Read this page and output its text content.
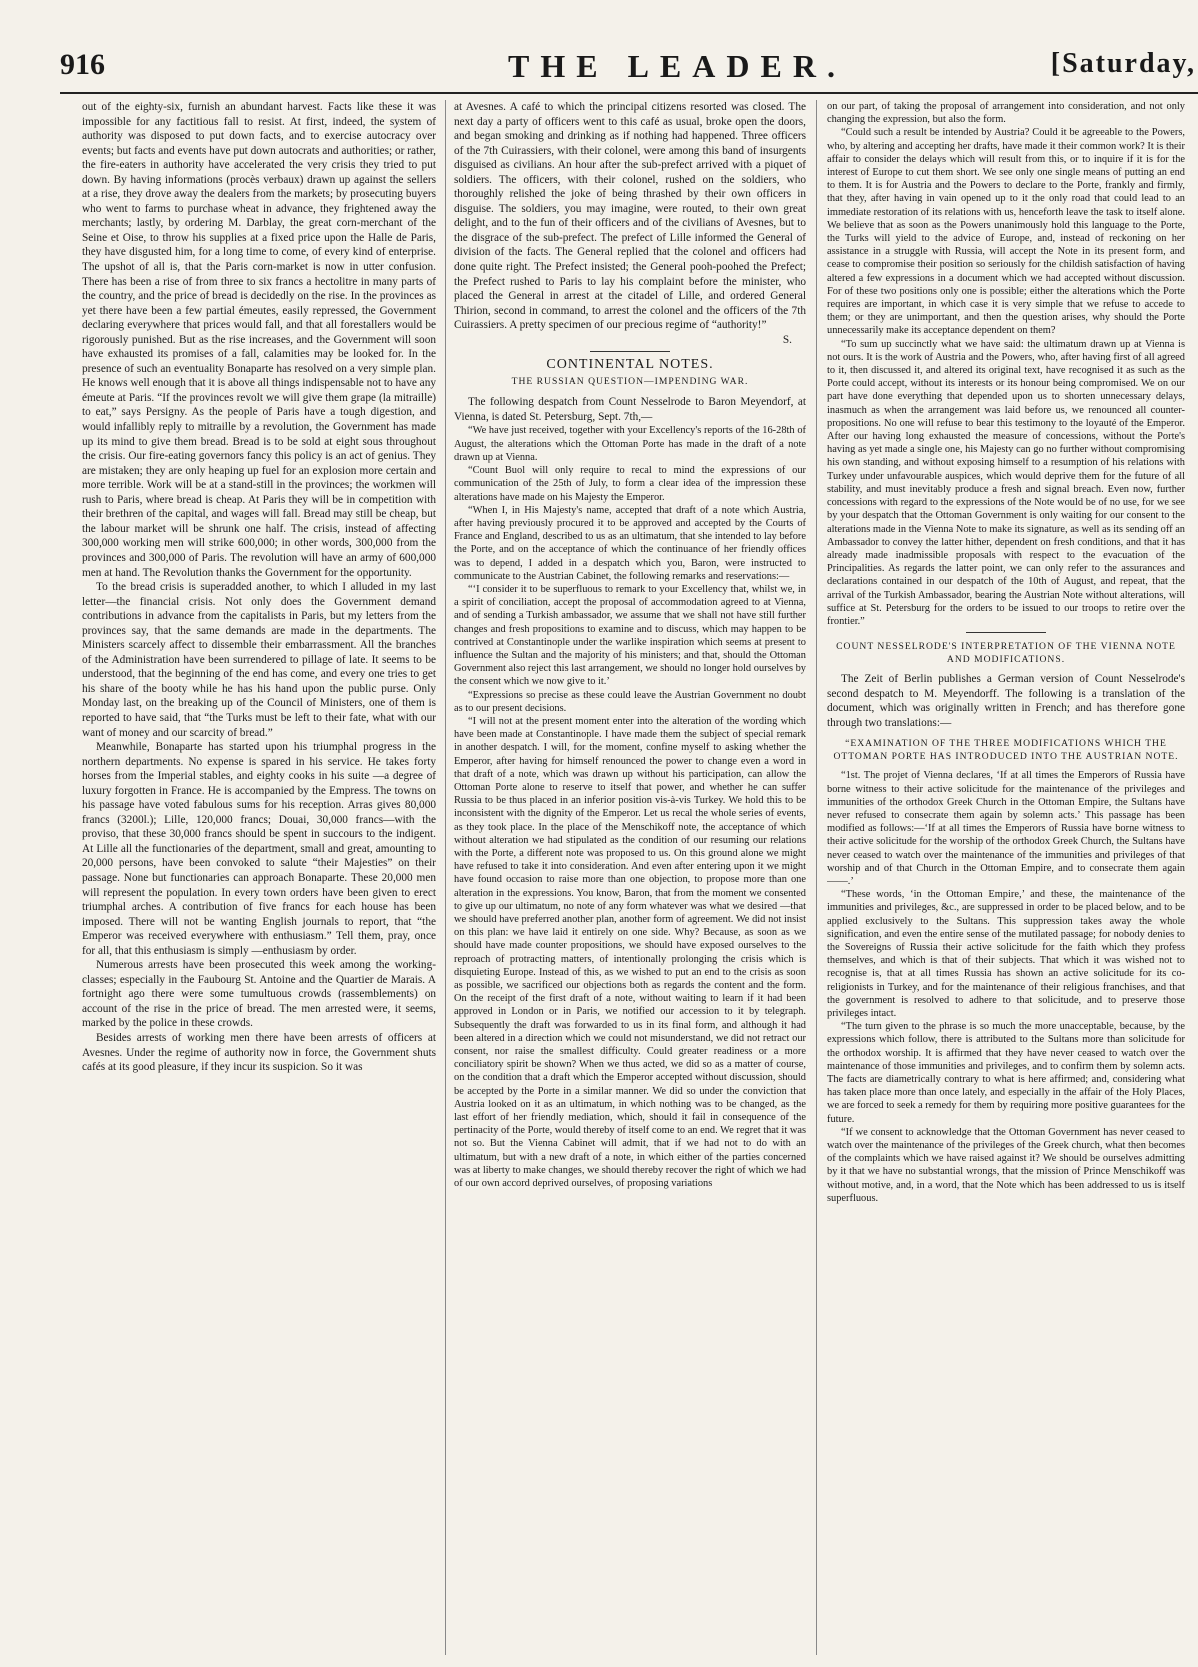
916	THE LEADER.	[Saturday,

out of the eighty-six, furnish an abundant harvest. Facts like these it was impossible for any factitious fall to resist. At first, indeed, the system of authority was disposed to put down facts, and to exercise autocracy over events; but facts and events have put down autocrats and authorities; or rather, the fire-eaters in authority have accelerated the very crisis they tried to put down. By having informations (procès verbaux) drawn up against the sellers at a rise, they drove away the dealers from the markets; by prosecuting buyers who went to farms to purchase wheat in advance, they frightened away the merchants; lastly, by ordering M. Darblay, the great corn-merchant of the Seine et Oise, to throw his supplies at a fixed price upon the Halle de Paris, they have disgusted him, for a long time to come, of every kind of enterprise. The upshot of all is, that the Paris corn-market is now in utter confusion. There has been a rise of from three to six francs a hectolitre in many parts of the country, and the price of bread is decidedly on the rise. In the provinces as yet there have been a few partial émeutes, easily repressed, the Government declaring everywhere that prices would fall, and that all forestallers would be rigorously punished. But as the rise increases, and the Government will soon have exhausted its promises of a fall, calamities may be looked for. In the presence of such an eventuality Bonaparte has resolved on a very simple plan. He knows well enough that it is above all things indispensable not to have any émeute at Paris. “If the provinces revolt we will give them grape (la mitraille) to eat,” says Persigny. As the people of Paris have a tough digestion, and would infallibly reply to mitraille by a revolution, the Government has made up its mind to give them bread. Bread is to be sold at eight sous throughout the crisis. Our fire-eating governors fancy this policy is an act of genius. They are mistaken; they are only heaping up fuel for an explosion more certain and more terrible. Work will be at a stand-still in the provinces; the workmen will rush to Paris, where bread is cheap. At Paris they will be in competition with their brethren of the capital, and wages will fall. Bread may still be cheap, but the labour market will be shrunk one half. The crisis, instead of affecting 300,000 working men will strike 600,000; in other words, 300,000 from the provinces and 300,000 of Paris. The revolution will have an army of 600,000 men at hand. The Revolution thanks the Government for the opportunity.

To the bread crisis is superadded another, to which I alluded in my last letter—the financial crisis. Not only does the Government demand contributions in advance from the capitalists in Paris, but my letters from the provinces say, that the same demands are made in the departments. The Ministers scarcely affect to dissemble their embarrassment. All the branches of the Administration have been surrendered to pillage of late. It seems to be understood, that the beginning of the end has come, and every one tries to get his share of the booty while he has his hand upon the public purse. Only Monday last, on the breaking up of the Council of Ministers, one of them is reported to have said, that “the Turks must be left to their fate, what with our want of money and our scarcity of bread.”

Meanwhile, Bonaparte has started upon his triumphal progress in the northern departments. No expense is spared in his service. He takes forty horses from the Imperial stables, and eighty cooks in his suite —a degree of luxury forgotten in France. He is accompanied by the Empress. The towns on his passage have voted fabulous sums for his reception. Arras gives 80,000 francs (3200l.); Lille, 120,000 francs; Douai, 30,000 francs—with the proviso, that these 30,000 francs should be spent in succours to the indigent. At Lille all the functionaries of the department, small and great, amounting to 20,000 persons, have been convoked to salute “their Majesties” on their passage. None but functionaries can approach Bonaparte. These 20,000 men will represent the population. In every town orders have been given to erect triumphal arches. A contribution of five francs for each house has been imposed. There will not be wanting English journals to report, that “the Emperor was received everywhere with enthusiasm.” Tell them, pray, once for all, that this enthusiasm is simply —enthusiasm by order.

Numerous arrests have been prosecuted this week among the working-classes; especially in the Faubourg St. Antoine and the Quartier de Marais. A fortnight ago there were some tumultuous crowds (rassemblements) on account of the rise in the price of bread. The men arrested were, it seems, marked by the police in these crowds.

Besides arrests of working men there have been arrests of officers at Avesnes. Under the regime of authority now in force, the Government shuts cafés at its good pleasure, if they incur its suspicion. So it was

at Avesnes. A café to which the principal citizens resorted was closed. The next day a party of officers went to this café as usual, broke open the doors, and began smoking and drinking as if nothing had happened. Three officers of the 7th Cuirassiers, with their colonel, were among this band of insurgents disguised as civilians. An hour after the sub-prefect arrived with a piquet of soldiers. The officers, with their colonel, rushed on the soldiers, who thoroughly relished the joke of being thrashed by their own officers in disguise. The soldiers, you may imagine, were routed, to their own great delight, and to the fun of their officers and of the civilians of Avesnes, but to the disgrace of the sub-prefect. The prefect of Lille informed the General of division of the facts. The General replied that the colonel and officers had done quite right. The Prefect insisted; the General pooh-poohed the Prefect; the Prefect rushed to Paris to lay his complaint before the minister, who placed the General in arrest at the citadel of Lille, and ordered General Thirion, second in command, to arrest the colonel and the officers of the 7th Cuirassiers. A pretty specimen of our precious regime of “authority!”

S.
CONTINENTAL NOTES.
THE RUSSIAN QUESTION—IMPENDING WAR.

The following despatch from Count Nesselrode to Baron Meyendorf, at Vienna, is dated St. Petersburg, Sept. 7th,—

“We have just received, together with your Excellency's reports of the 16-28th of August, the alterations which the Ottoman Porte has made in the draft of a note drawn up at Vienna.

“Count Buol will only require to recal to mind the expressions of our communication of the 25th of July, to form a clear idea of the impression these alterations have made on his Majesty the Emperor.

“When I, in His Majesty's name, accepted that draft of a note which Austria, after having previously procured it to be approved and accepted by the Courts of France and England, described to us as an ultimatum, that she intended to lay before the Porte, and on the acceptance of which the continuance of her friendly offices was to depend, I added in a despatch which you, Baron, were instructed to communicate to the Austrian Cabinet, the following remarks and reservations:—

“‘I consider it to be superfluous to remark to your Excellency that, whilst we, in a spirit of conciliation, accept the proposal of accommodation agreed to at Vienna, and of sending a Turkish ambassador, we assume that we shall not have still further changes and fresh propositions to examine and to discuss, which may happen to be contrived at Constantinople under the warlike inspiration which seems at present to influence the Sultan and the majority of his ministers; and that, should the Ottoman Government also reject this last arrangement, we should no longer hold ourselves by the consent which we now give to it.’

“Expressions so precise as these could leave the Austrian Government no doubt as to our present decisions.

“I will not at the present moment enter into the alteration of the wording which have been made at Constantinople. I have made them the subject of special remark in another despatch. I will, for the moment, confine myself to asking whether the Emperor, after having for himself renounced the power to change even a word in that draft of a note, which was drawn up without his participation, can allow the Ottoman Porte alone to reserve to itself that power, and whether he can suffer Russia to be thus placed in an inferior position vis-à-vis Turkey. We hold this to be inconsistent with the dignity of the Emperor. Let us recal the whole series of events, as they took place. In the place of the Menschikoff note, the acceptance of which without alteration we had stipulated as the condition of our resuming our relations with the Porte, a different note was proposed to us. On this ground alone we might have refused to take it into consideration. And even after entering upon it we might have found occasion to raise more than one objection, to propose more than one alteration in the expressions. You know, Baron, that from the moment we consented to give up our ultimatum, no note of any form whatever was what we desired —that we should have preferred another plan, another form of agreement. We did not insist on this plan: we have laid it entirely on one side. Why? Because, as soon as we should have made counter propositions, we should have exposed ourselves to the reproach of protracting matters, of intentionally prolonging the crisis which is disquieting Europe. Instead of this, as we wished to put an end to the crisis as soon as possible, we sacrificed our objections both as regards the content and the form. On the receipt of the first draft of a note, without waiting to learn if it had been approved in London or in Paris, we notified our accession to it by telegraph. Subsequently the draft was forwarded to us in its final form, and although it had been altered in a direction which we could not misunderstand, we did not retract our consent, nor raise the smallest difficulty. Could greater readiness or a more conciliatory spirit be shown? When we thus acted, we did so as a matter of course, on the condition that a draft which the Emperor accepted without discussion, should be accepted by the Porte in a similar manner. We did so under the conviction that Austria looked on it as an ultimatum, in which nothing was to be changed, as the last effort of her friendly mediation, which, should it fail in consequence of the pertinacity of the Porte, would thereby of itself come to an end. We regret that it was not so. But the Vienna Cabinet will admit, that if we had not to do with an ultimatum, but with a new draft of a note, in which either of the parties concerned was at liberty to make changes, we should thereby recover the right of which we had of our own accord deprived ourselves, of proposing variations

on our part, of taking the proposal of arrangement into consideration, and not only changing the expression, but also the form.

“Could such a result be intended by Austria? Could it be agreeable to the Powers, who, by altering and accepting her drafts, have made it their common work? It is their affair to consider the delays which will result from this, or to inquire if it is for the interest of Europe to cut them short. We see only one single means of putting an end to them. It is for Austria and the Powers to declare to the Porte, frankly and firmly, that they, after having in vain opened up to it the only road that could lead to an immediate restoration of its relations with us, henceforth leave the task to itself alone. We believe that as soon as the Powers unanimously hold this language to the Porte, the Turks will yield to the advice of Europe, and, instead of reckoning on her assistance in a struggle with Russia, will accept the Note in its present form, and cease to compromise their position so seriously for the childish satisfaction of having altered a few expressions in a document which we had accepted without discussion. For of these two positions only one is possible; either the alterations which the Porte requires are important, in which case it is very simple that we refuse to accede to them; or they are unimportant, and then the question arises, why should the Porte unnecessarily make its acceptance dependent on them?

“To sum up succinctly what we have said: the ultimatum drawn up at Vienna is not ours. It is the work of Austria and the Powers, who, after having first of all agreed to it, then discussed it, and altered its original text, have recognised it as such as the Porte could accept, without its interests or its honour being compromised. We on our part have done everything that depended upon us to shorten unnecessary delays, inasmuch as when the arrangement was laid before us, we renounced all counter-propositions. No one will refuse to bear this testimony to the loyauté of the Emperor. After our having long exhausted the measure of concessions, without the Porte's having as yet made a single one, his Majesty can go no further without compromising his own standing, and without exposing himself to a resumption of his relations with Turkey under unfavourable auspices, which would deprive them for the future of all stability, and must inevitably produce a fresh and signal breach. Even now, further concessions with regard to the expressions of the Note would be of no use, for we see by your despatch that the Ottoman Government is only waiting for our consent to the alterations made in the Vienna Note to make its signature, as well as its sending off an Ambassador to convey the latter hither, dependent on fresh conditions, and that it has already made inadmissible proposals with respect to the evacuation of the Principalities. As regards the latter point, we can only refer to the assurances and declarations contained in our despatch of the 10th of August, and repeat, that the arrival of the Turkish Ambassador, bearing the Austrian Note without alterations, will suffice at St. Petersburg for the orders to be issued to our troops to retire over the frontier.”

COUNT NESSELRODE'S INTERPRETATION OF THE VIENNA NOTE AND MODIFICATIONS.

The Zeit of Berlin publishes a German version of Count Nesselrode's second despatch to M. Meyendorff. The following is a translation of the document, which was originally written in French; and has therefore gone through two translations:—

“EXAMINATION OF THE THREE MODIFICATIONS WHICH THE OTTOMAN PORTE HAS INTRODUCED INTO THE AUSTRIAN NOTE.

“1st. The projet of Vienna declares, ‘If at all times the Emperors of Russia have borne witness to their active solicitude for the maintenance of the privileges and immunities of the orthodox Greek Church in the Ottoman Empire, the Sultans have never refused to consecrate them again by solemn acts.’ This passage has been modified as follows:—‘If at all times the Emperors of Russia have borne witness to their active solicitude for the worship of the orthodox Greek Church, the Sultans have never ceased to watch over the maintenance of the immunities and privileges of that worship and of that Church in the Ottoman Empire, and to consecrate them again ——.’

“These words, ‘in the Ottoman Empire,’ and these, the maintenance of the immunities and privileges, &c., are suppressed in order to be placed below, and to be applied exclusively to the Sultans. This suppression takes away the whole signification, and even the entire sense of the mutilated passage; for nobody denies to the Sovereigns of Russia their active solicitude for the faith which they profess themselves, and which is that of their subjects. That which it was wished not to recognise is, that at all times Russia has shown an active solicitude for its co-religionists in Turkey, and for the maintenance of their religious franchises, and that the government is resolved to adhere to that solicitude, and to preserve those privileges intact.

“The turn given to the phrase is so much the more unacceptable, because, by the expressions which follow, there is attributed to the Sultans more than solicitude for the orthodox worship. It is affirmed that they have never ceased to watch over the maintenance of those immunities and privileges, and to confirm them by solemn acts. The facts are diametrically contrary to what is here affirmed; and, considering what has taken place more than once lately, and especially in the affair of the Holy Places, we are forced to seek a remedy for them by requiring more positive guarantees for the future.

“If we consent to acknowledge that the Ottoman Government has never ceased to watch over the maintenance of the privileges of the Greek church, what then becomes of the complaints which we have raised against it? We should be ourselves admitting by it that we have no substantial wrongs, that the mission of Prince Menschikoff was without motive, and, in a word, that the Note which has been addressed to us is itself superfluous.
